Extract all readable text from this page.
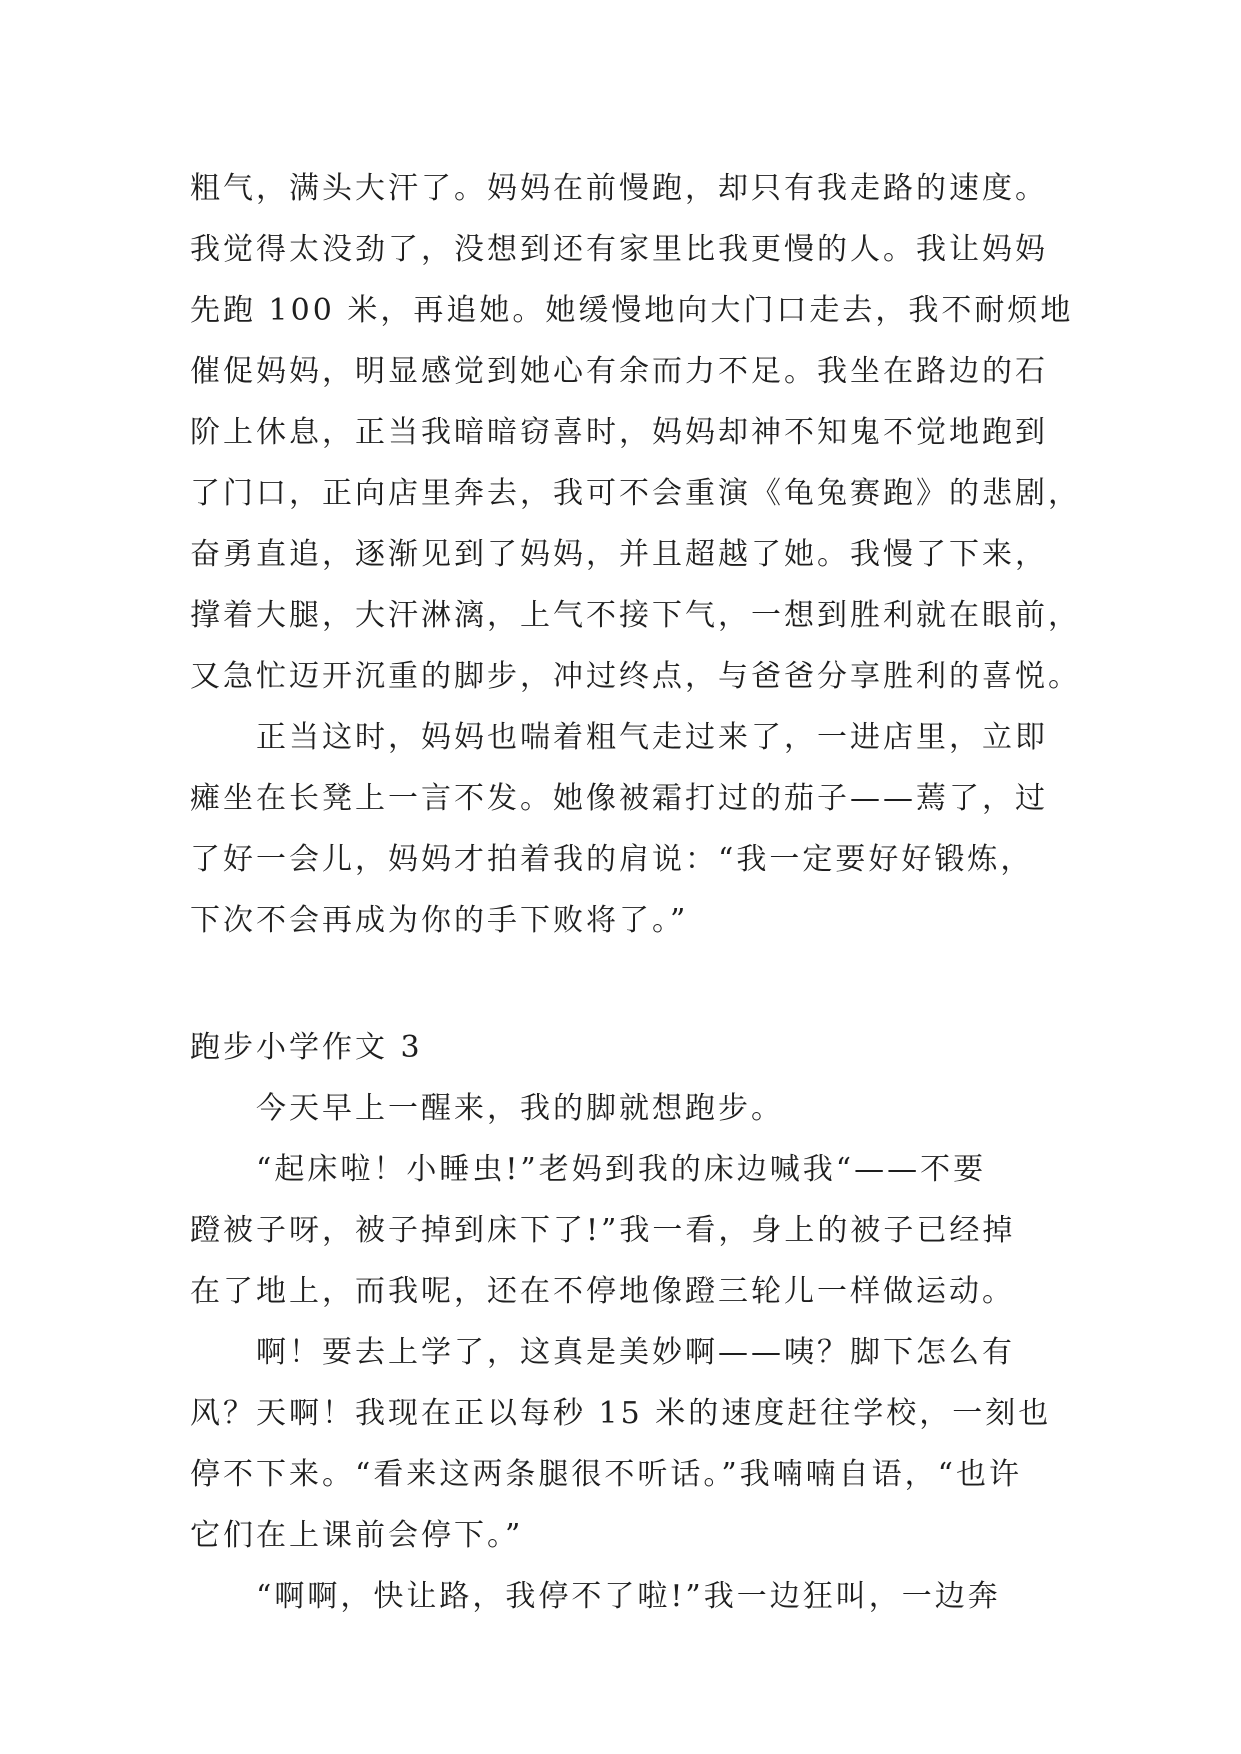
粗气，满头大汗了。妈妈在前慢跑，却只有我走路的速度。
我觉得太没劲了，没想到还有家里比我更慢的人。我让妈妈
先跑 100 米，再追她。她缓慢地向大门口走去，我不耐烦地
催促妈妈，明显感觉到她心有余而力不足。我坐在路边的石
阶上休息，正当我暗暗窃喜时，妈妈却神不知鬼不觉地跑到
了门口，正向店里奔去，我可不会重演《龟兔赛跑》的悲剧，
奋勇直追，逐渐见到了妈妈，并且超越了她。我慢了下来，
撑着大腿，大汗淋漓，上气不接下气，一想到胜利就在眼前，
又急忙迈开沉重的脚步，冲过终点，与爸爸分享胜利的喜悦。
正当这时，妈妈也喘着粗气走过来了，一进店里，立即
瘫坐在长凳上一言不发。她像被霜打过的茄子——蔫了，过
了好一会儿，妈妈才拍着我的肩说：“我一定要好好锻炼，
下次不会再成为你的手下败将了。”
跑步小学作文 3
今天早上一醒来，我的脚就想跑步。
“起床啦！小睡虫!”老妈到我的床边喊我“——不要
蹬被子呀，被子掉到床下了!”我一看，身上的被子已经掉
在了地上，而我呢，还在不停地像蹬三轮儿一样做运动。
啊！要去上学了，这真是美妙啊——咦？脚下怎么有
风？天啊！我现在正以每秒 15 米的速度赶往学校，一刻也
停不下来。“看来这两条腿很不听话。”我喃喃自语，“也许
它们在上课前会停下。”
“啊啊，快让路，我停不了啦!”我一边狂叫，一边奔
